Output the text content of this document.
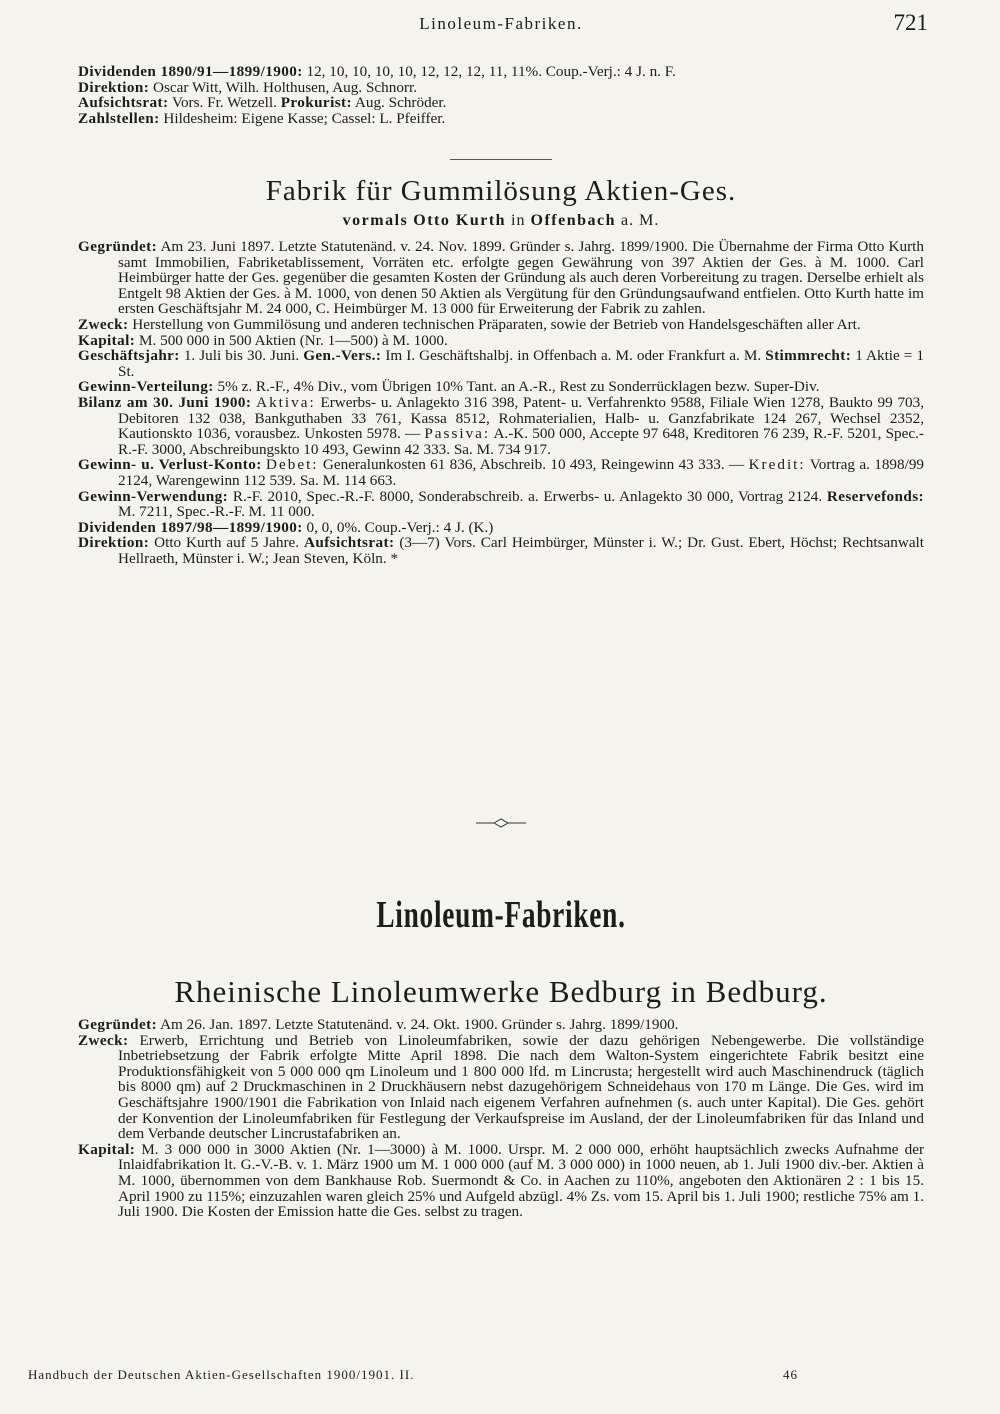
Linoleum-Fabriken.	721

Dividenden 1890/91—1899/1900: 12, 10, 10, 10, 10, 12, 12, 12, 11, 11%. Coup.-Verj.: 4 J. n. F.

Direktion: Oscar Witt, Wilh. Holthusen, Aug. Schnorr.

Aufsichtsrat: Vors. Fr. Wetzell. Prokurist: Aug. Schröder.

Zahlstellen: Hildesheim: Eigene Kasse; Cassel: L. Pfeiffer.

Fabrik für Gummilösung Aktien-Ges.
vormals Otto Kurth in Offenbach a. M.

Gegründet: Am 23. Juni 1897. Letzte Statutenänd. v. 24. Nov. 1899. Gründer s. Jahrg. 1899/1900. Die Übernahme der Firma Otto Kurth samt Immobilien, Fabriketablissement, Vorräten etc. erfolgte gegen Gewährung von 397 Aktien der Ges. à M. 1000. Carl Heimbürger hatte der Ges. gegenüber die gesamten Kosten der Gründung als auch deren Vorbereitung zu tragen. Derselbe erhielt als Entgelt 98 Aktien der Ges. à M. 1000, von denen 50 Aktien als Vergütung für den Gründungsaufwand entfielen. Otto Kurth hatte im ersten Geschäftsjahr M. 24 000, C. Heimbürger M. 13 000 für Erweiterung der Fabrik zu zahlen.

Zweck: Herstellung von Gummilösung und anderen technischen Präparaten, sowie der Betrieb von Handelsgeschäften aller Art.

Kapital: M. 500 000 in 500 Aktien (Nr. 1—500) à M. 1000.

Geschäftsjahr: 1. Juli bis 30. Juni. Gen.-Vers.: Im I. Geschäftshalbj. in Offenbach a. M. oder Frankfurt a. M. Stimmrecht: 1 Aktie = 1 St.

Gewinn-Verteilung: 5% z. R.-F., 4% Div., vom Übrigen 10% Tant. an A.-R., Rest zu Sonderrücklagen bezw. Super-Div.

Bilanz am 30. Juni 1900: Aktiva: Erwerbs- u. Anlagekto 316 398, Patent- u. Verfahrenkto 9588, Filiale Wien 1278, Baukto 99 703, Debitoren 132 038, Bankguthaben 33 761, Kassa 8512, Rohmaterialien, Halb- u. Ganzfabrikate 124 267, Wechsel 2352, Kautionskto 1036, vorausbez. Unkosten 5978. — Passiva: A.-K. 500 000, Accepte 97 648, Kreditoren 76 239, R.-F. 5201, Spec.-R.-F. 3000, Abschreibungskto 10 493, Gewinn 42 333. Sa. M. 734 917.

Gewinn- u. Verlust-Konto: Debet: Generalunkosten 61 836, Abschreib. 10 493, Reingewinn 43 333. — Kredit: Vortrag a. 1898/99 2124, Warengewinn 112 539. Sa. M. 114 663.

Gewinn-Verwendung: R.-F. 2010, Spec.-R.-F. 8000, Sonderabschreib. a. Erwerbs- u. Anlagekto 30 000, Vortrag 2124. Reservefonds: M. 7211, Spec.-R.-F. M. 11 000.

Dividenden 1897/98—1899/1900: 0, 0, 0%. Coup.-Verj.: 4 J. (K.)

Direktion: Otto Kurth auf 5 Jahre. Aufsichtsrat: (3—7) Vors. Carl Heimbürger, Münster i. W.; Dr. Gust. Ebert, Höchst; Rechtsanwalt Hellraeth, Münster i. W.; Jean Steven, Köln. *

Linoleum-Fabriken.
Rheinische Linoleumwerke Bedburg in Bedburg.

Gegründet: Am 26. Jan. 1897. Letzte Statutenänd. v. 24. Okt. 1900. Gründer s. Jahrg. 1899/1900.

Zweck: Erwerb, Errichtung und Betrieb von Linoleumfabriken, sowie der dazu gehörigen Nebengewerbe. Die vollständige Inbetriebsetzung der Fabrik erfolgte Mitte April 1898. Die nach dem Walton-System eingerichtete Fabrik besitzt eine Produktionsfähigkeit von 5 000 000 qm Linoleum und 1 800 000 lfd. m Lincrusta; hergestellt wird auch Maschinendruck (täglich bis 8000 qm) auf 2 Druckmaschinen in 2 Druckhäusern nebst dazugehörigem Schneidehaus von 170 m Länge. Die Ges. wird im Geschäftsjahre 1900/1901 die Fabrikation von Inlaid nach eigenem Verfahren aufnehmen (s. auch unter Kapital). Die Ges. gehört der Konvention der Linoleumfabriken für Festlegung der Verkaufspreise im Ausland, der der Linoleumfabriken für das Inland und dem Verbande deutscher Lincrustafabriken an.

Kapital: M. 3 000 000 in 3000 Aktien (Nr. 1—3000) à M. 1000. Urspr. M. 2 000 000, erhöht hauptsächlich zwecks Aufnahme der Inlaidfabrikation lt. G.-V.-B. v. 1. März 1900 um M. 1 000 000 (auf M. 3 000 000) in 1000 neuen, ab 1. Juli 1900 div.-ber. Aktien à M. 1000, übernommen von dem Bankhause Rob. Suermondt & Co. in Aachen zu 110%, angeboten den Aktionären 2 : 1 bis 15. April 1900 zu 115%; einzuzahlen waren gleich 25% und Aufgeld abzügl. 4% Zs. vom 15. April bis 1. Juli 1900; restliche 75% am 1. Juli 1900. Die Kosten der Emission hatte die Ges. selbst zu tragen.

Handbuch der Deutschen Aktien-Gesellschaften 1900/1901. II.	46
